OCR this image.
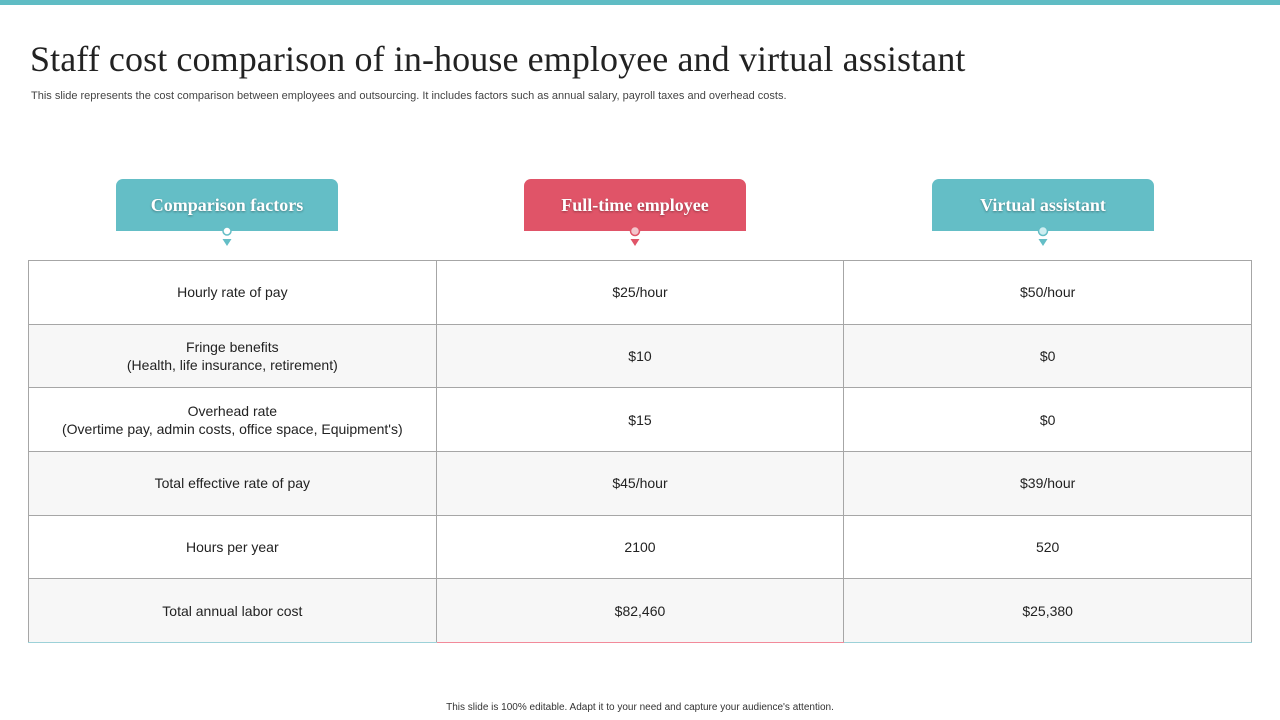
Staff cost comparison of in-house employee and virtual assistant

This slide represents the cost comparison between employees and outsourcing. It includes factors such as annual salary, payroll taxes and overhead costs.

Comparison factors	Full-time employee	Virtual assistant
Hourly rate of pay	$25/hour	$50/hour
Fringe benefits
(Health, life insurance, retirement)	$10	$0
Overhead rate
(Overtime pay, admin costs, office space, Equipment's)	$15	$0
Total effective rate of pay	$45/hour	$39/hour
Hours per year	2100	520
Total annual labor cost	$82,460	$25,380

This slide is 100% editable. Adapt it to your need and capture your audience's attention.
